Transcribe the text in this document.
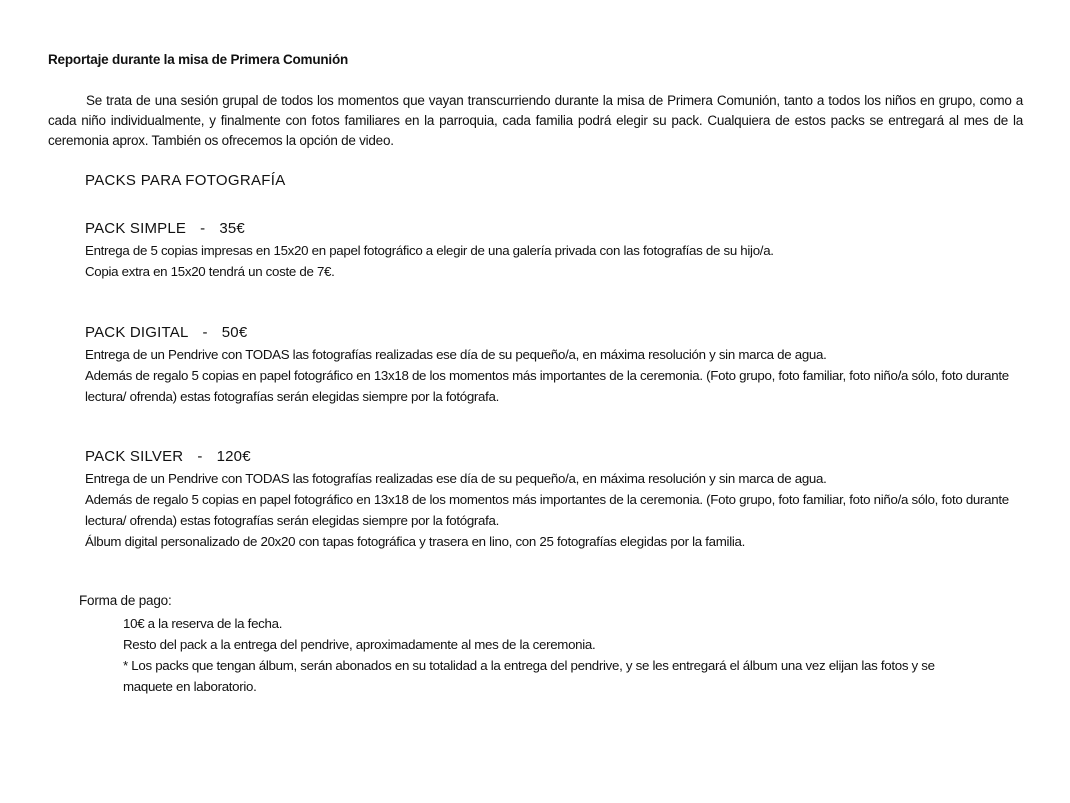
Reportaje durante la misa de Primera Comunión

Se trata de una sesión grupal de todos los momentos que vayan transcurriendo durante la misa de Primera Comunión, tanto a todos los niños en grupo, como a cada niño individualmente, y finalmente con fotos familiares en la parroquia, cada familia podrá elegir su pack. Cualquiera de estos packs se entregará al mes de la ceremonia aprox. También os ofrecemos la opción de video.

PACKS PARA FOTOGRAFÍA
PACK SIMPLE - 35€

Entrega de 5 copias impresas en 15x20 en papel fotográfico a elegir de una galería privada con las fotografías de su hijo/a.

Copia extra en 15x20 tendrá un coste de 7€.

PACK DIGITAL - 50€

Entrega de un Pendrive con TODAS las fotografías realizadas ese día de su pequeño/a, en máxima resolución y sin marca de agua.

Además de regalo 5 copias en papel fotográfico en 13x18 de los momentos más importantes de la ceremonia. (Foto grupo, foto familiar, foto niño/a sólo, foto durante lectura/ ofrenda) estas fotografías serán elegidas siempre por la fotógrafa.

PACK SILVER - 120€

Entrega de un Pendrive con TODAS las fotografías realizadas ese día de su pequeño/a, en máxima resolución y sin marca de agua.

Además de regalo 5 copias en papel fotográfico en 13x18 de los momentos más importantes de la ceremonia. (Foto grupo, foto familiar, foto niño/a sólo, foto durante lectura/ ofrenda) estas fotografías serán elegidas siempre por la fotógrafa.

Álbum digital personalizado de 20x20 con tapas fotográfica y trasera en lino, con 25 fotografías elegidas por la familia.

Forma de pago:
10€ a la reserva de la fecha.
Resto del pack a la entrega del pendrive, aproximadamente al mes de la ceremonia.
* Los packs que tengan álbum, serán abonados en su totalidad a la entrega del pendrive, y se les entregará el álbum una vez elijan las fotos y se maquete en laboratorio.
